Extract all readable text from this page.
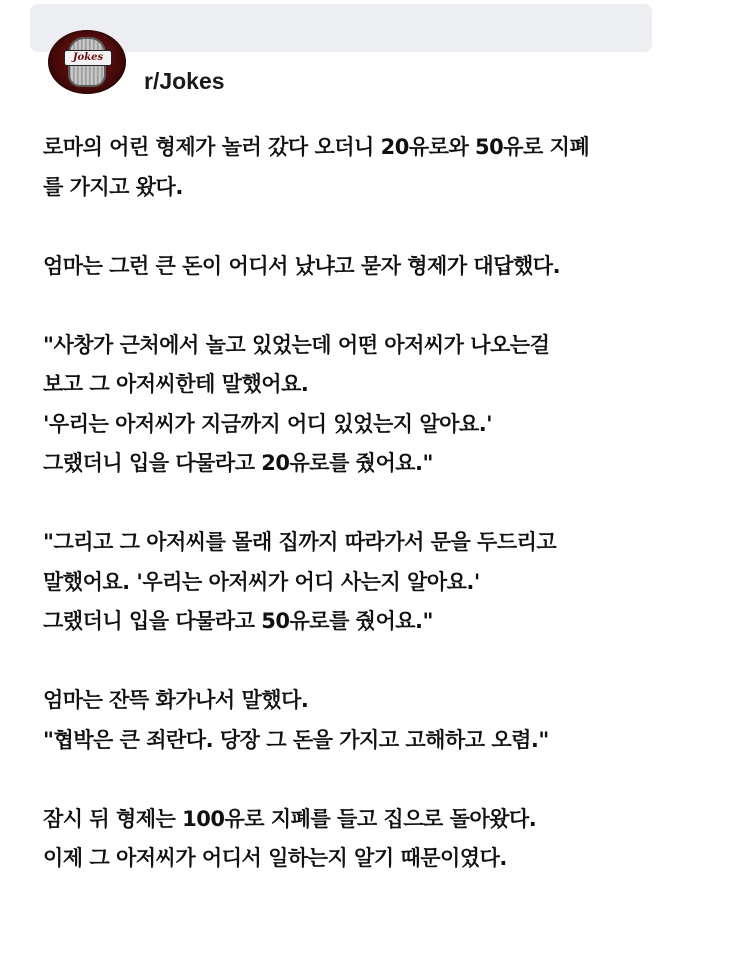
Jokes
r/Jokes
로마의 어린 형제가 놀러 갔다 오더니 20유로와 50유로 지폐
를 가지고 왔다.
엄마는 그런 큰 돈이 어디서 났냐고 묻자 형제가 대답했다.
"사창가 근처에서 놀고 있었는데 어떤 아저씨가 나오는걸
보고 그 아저씨한테 말했어요.
'우리는 아저씨가 지금까지 어디 있었는지 알아요.'
그랬더니 입을 다물라고 20유로를 줬어요."
"그리고 그 아저씨를 몰래 집까지 따라가서 문을 두드리고
말했어요. '우리는 아저씨가 어디 사는지 알아요.'
그랬더니 입을 다물라고 50유로를 줬어요."
엄마는 잔뜩 화가나서 말했다.
"협박은 큰 죄란다. 당장 그 돈을 가지고 고해하고 오렴."
잠시 뒤 형제는 100유로 지폐를 들고 집으로 돌아왔다.
이제 그 아저씨가 어디서 일하는지 알기 때문이였다.
